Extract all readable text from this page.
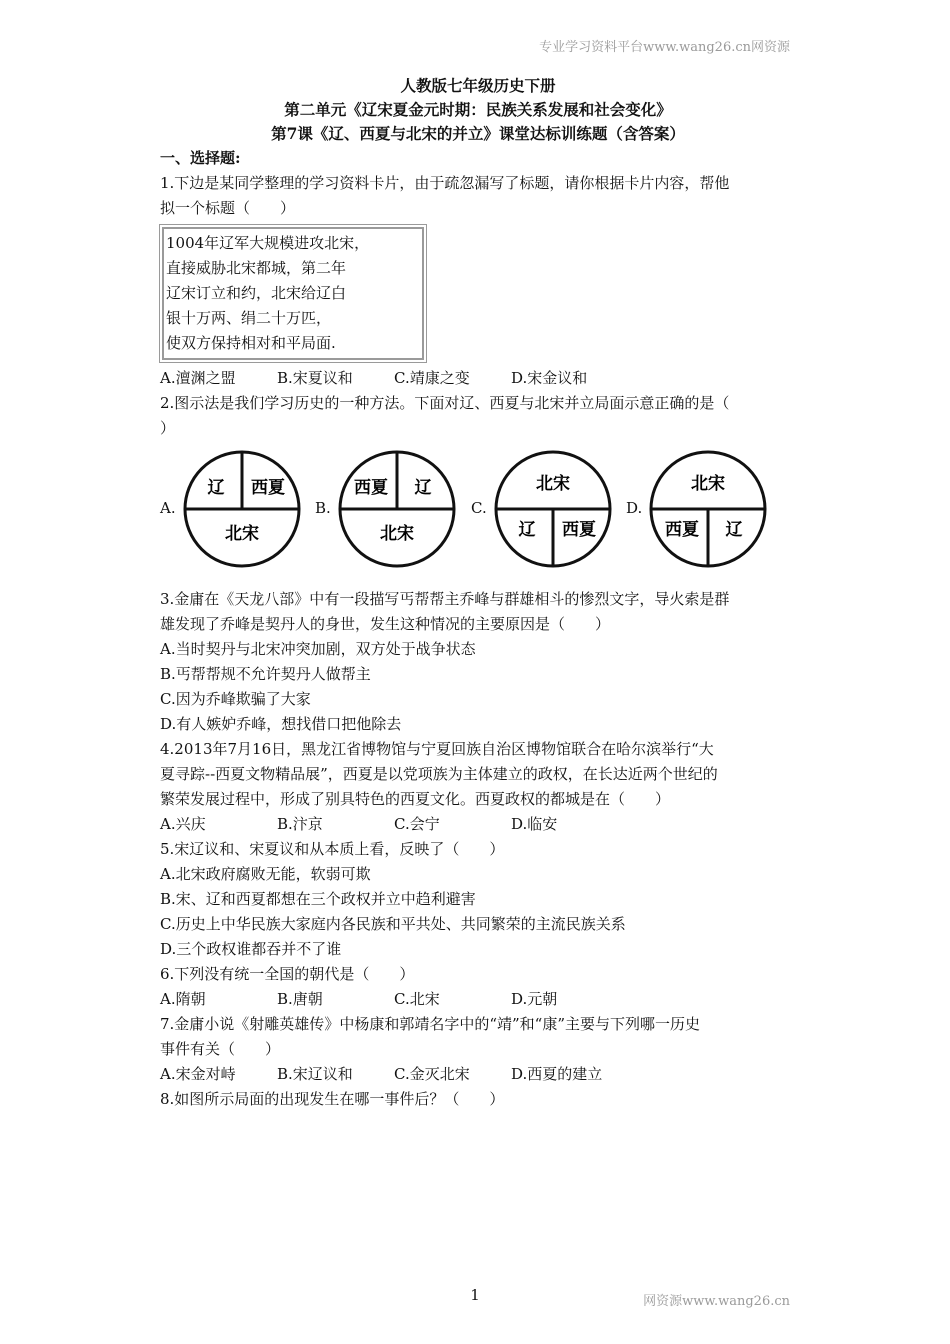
专业学习资料平台www.wang26.cn网资源
人教版七年级历史下册
第二单元《辽宋夏金元时期：民族关系发展和社会变化》
第7课《辽、西夏与北宋的并立》课堂达标训练题（含答案）
一、选择题:
1.下边是某同学整理的学习资料卡片，由于疏忽漏写了标题，请你根据卡片内容，帮他
拟一个标题（　　）
1004年辽军大规模进攻北宋，
直接威胁北宋都城，第二年
辽宋订立和约，北宋给辽白
银十万两、绢二十万匹，
使双方保持相对和平局面.
A.澶渊之盟	B.宋夏议和	C.靖康之变	D.宋金议和
2.图示法是我们学习历史的一种方法。下面对辽、西夏与北宋并立局面示意正确的是（
）
A.
辽 西夏
北宋
B.
西夏 辽
北宋
C.
北宋
辽 西夏
D.
北宋
西夏 辽
3.金庸在《天龙八部》中有一段描写丐帮帮主乔峰与群雄相斗的惨烈文字，导火索是群
雄发现了乔峰是契丹人的身世，发生这种情况的主要原因是（　　）
A.当时契丹与北宋冲突加剧，双方处于战争状态
B.丐帮帮规不允许契丹人做帮主
C.因为乔峰欺骗了大家
D.有人嫉妒乔峰，想找借口把他除去
4.2013年7月16日，黑龙江省博物馆与宁夏回族自治区博物馆联合在哈尔滨举行“大
夏寻踪--西夏文物精品展”，西夏是以党项族为主体建立的政权，在长达近两个世纪的
繁荣发展过程中，形成了别具特色的西夏文化。西夏政权的都城是在（　　）
A.兴庆	B.汴京	C.会宁	D.临安
5.宋辽议和、宋夏议和从本质上看，反映了（　　）
A.北宋政府腐败无能，软弱可欺
B.宋、辽和西夏都想在三个政权并立中趋利避害
C.历史上中华民族大家庭内各民族和平共处、共同繁荣的主流民族关系
D.三个政权谁都吞并不了谁
6.下列没有统一全国的朝代是（　　）
A.隋朝	B.唐朝	C.北宋	D.元朝
7.金庸小说《射雕英雄传》中杨康和郭靖名字中的“靖”和“康”主要与下列哪一历史
事件有关（　　）
A.宋金对峙	B.宋辽议和	C.金灭北宋	D.西夏的建立
8.如图所示局面的出现发生在哪一事件后？（　　）
1	网资源www.wang26.cn
